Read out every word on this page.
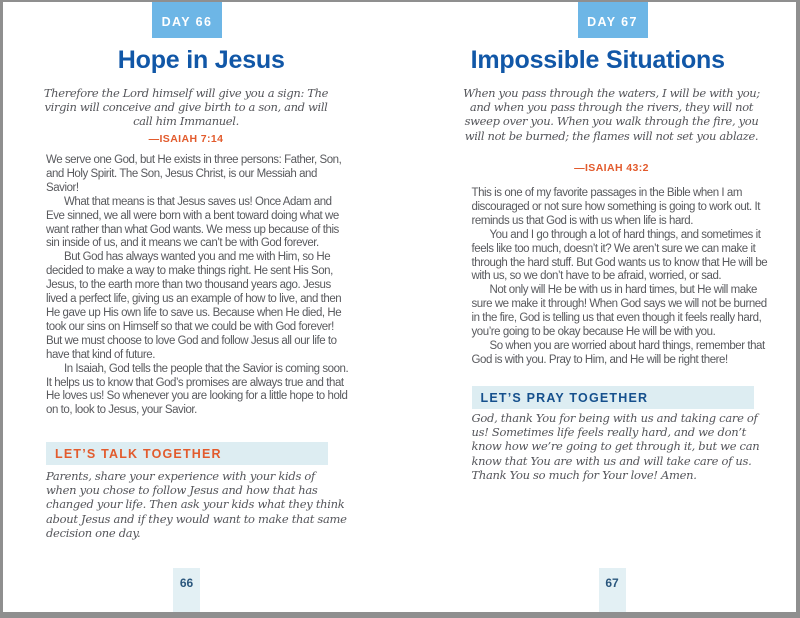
DAY 66
Hope in Jesus

Therefore the Lord himself will give you a sign: The virgin will conceive and give birth to a son, and will call him Immanuel.

—ISAIAH 7:14

We serve one God, but He exists in three persons: Father, Son, and Holy Spirit. The Son, Jesus Christ, is our Messiah and Savior!

What that means is that Jesus saves us! Once Adam and Eve sinned, we all were born with a bent toward doing what we want rather than what God wants. We mess up because of this sin inside of us, and it means we can’t be with God forever.

But God has always wanted you and me with Him, so He decided to make a way to make things right. He sent His Son, Jesus, to the earth more than two thousand years ago. Jesus lived a perfect life, giving us an example of how to live, and then He gave up His own life to save us. Because when He died, He took our sins on Himself so that we could be with God forever! But we must choose to love God and follow Jesus all our life to have that kind of future.

In Isaiah, God tells the people that the Savior is coming soon. It helps us to know that God’s promises are always true and that He loves us! So whenever you are looking for a little hope to hold on to, look to Jesus, your Savior.

LET’S TALK TOGETHER

Parents, share your experience with your kids of when you chose to follow Jesus and how that has changed your life. Then ask your kids what they think about Jesus and if they would want to make that same decision one day.

66
DAY 67
Impossible Situations

When you pass through the waters, I will be with you; and when you pass through the rivers, they will not sweep over you. When you walk through the fire, you will not be burned; the flames will not set you ablaze.

—ISAIAH 43:2

This is one of my favorite passages in the Bible when I am discouraged or not sure how something is going to work out. It reminds us that God is with us when life is hard.

You and I go through a lot of hard things, and sometimes it feels like too much, doesn’t it? We aren’t sure we can make it through the hard stuff. But God wants us to know that He will be with us, so we don’t have to be afraid, worried, or sad.

Not only will He be with us in hard times, but He will make sure we make it through! When God says we will not be burned in the fire, God is telling us that even though it feels really hard, you’re going to be okay because He will be with you.

So when you are worried about hard things, remember that God is with you. Pray to Him, and He will be right there!

LET’S PRAY TOGETHER

God, thank You for being with us and taking care of us! Sometimes life feels really hard, and we don’t know how we’re going to get through it, but we can know that You are with us and will take care of us. Thank You so much for Your love! Amen.

67
